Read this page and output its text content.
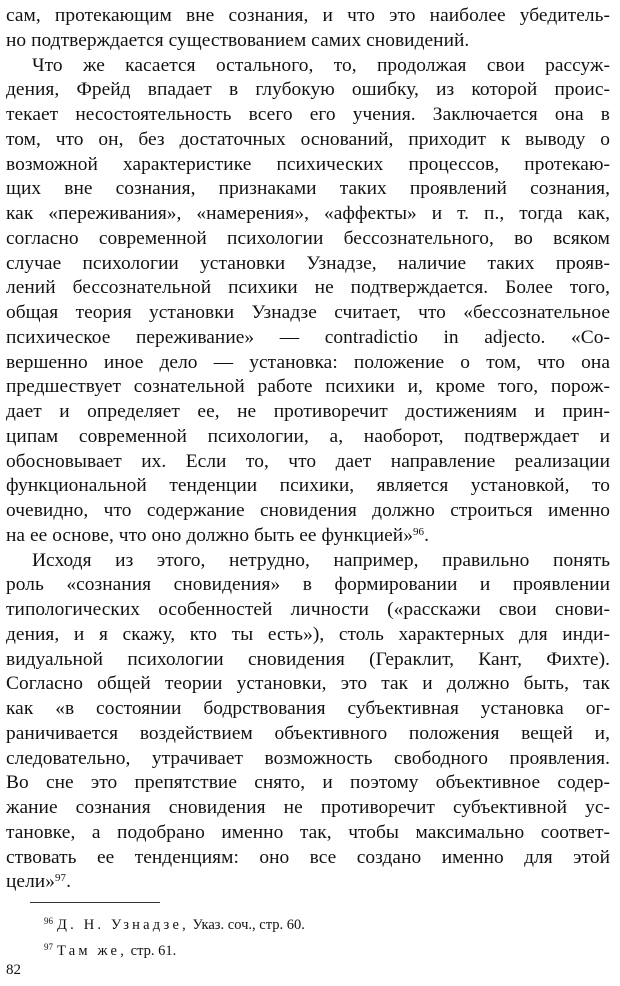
сам, протекающим вне сознания, и что это наиболее убедитель-
но подтверждается существованием самих сновидений.
Что же касается остального, то, продолжая свои рассуж-
дения, Фрейд впадает в глубокую ошибку, из которой проис-
текает несостоятельность всего его учения. Заключается она в
том, что он, без достаточных оснований, приходит к выводу о
возможной характеристике психических процессов, протекаю-
щих вне сознания, признаками таких проявлений сознания,
как «переживания», «намерения», «аффекты» и т. п., тогда как,
согласно современной психологии бессознательного, во всяком
случае психологии установки Узнадзе, наличие таких прояв-
лений бессознательной психики не подтверждается. Более того,
общая теория установки Узнадзе считает, что «бессознательное
психическое переживание» — contradictio in adjecto. «Со-
вершенно иное дело — установка: положение о том, что она
предшествует сознательной работе психики и, кроме того, порож-
дает и определяет ее, не противоречит достижениям и прин-
ципам современной психологии, а, наоборот, подтверждает и
обосновывает их. Если то, что дает направление реализации
функциональной тенденции психики, является установкой, то
очевидно, что содержание сновидения должно строиться именно
на ее основе, что оно должно быть ее функцией»$^{96}$.
Исходя из этого, нетрудно, например, правильно понять
роль «сознания сновидения» в формировании и проявлении
типологических особенностей личности («расскажи свои снови-
дения, и я скажу, кто ты есть»), столь характерных для инди-
видуальной психологии сновидения (Гераклит, Кант, Фихте).
Согласно общей теории установки, это так и должно быть, так
как «в состоянии бодрствования субъективная установка ог-
раничивается воздействием объективного положения вещей и,
следовательно, утрачивает возможность свободного проявления.
Во сне это препятствие снято, и поэтому объективное содер-
жание сознания сновидения не противоречит субъективной ус-
тановке, а подобрано именно так, чтобы максимально соответ-
ствовать ее тенденциям: оно все создано именно для этой
цели»$^{97}$.
$^{96}$ Д. Н. Узнадзе, Указ. соч., стр. 60.
$^{97}$ Там же, стр. 61.
82
